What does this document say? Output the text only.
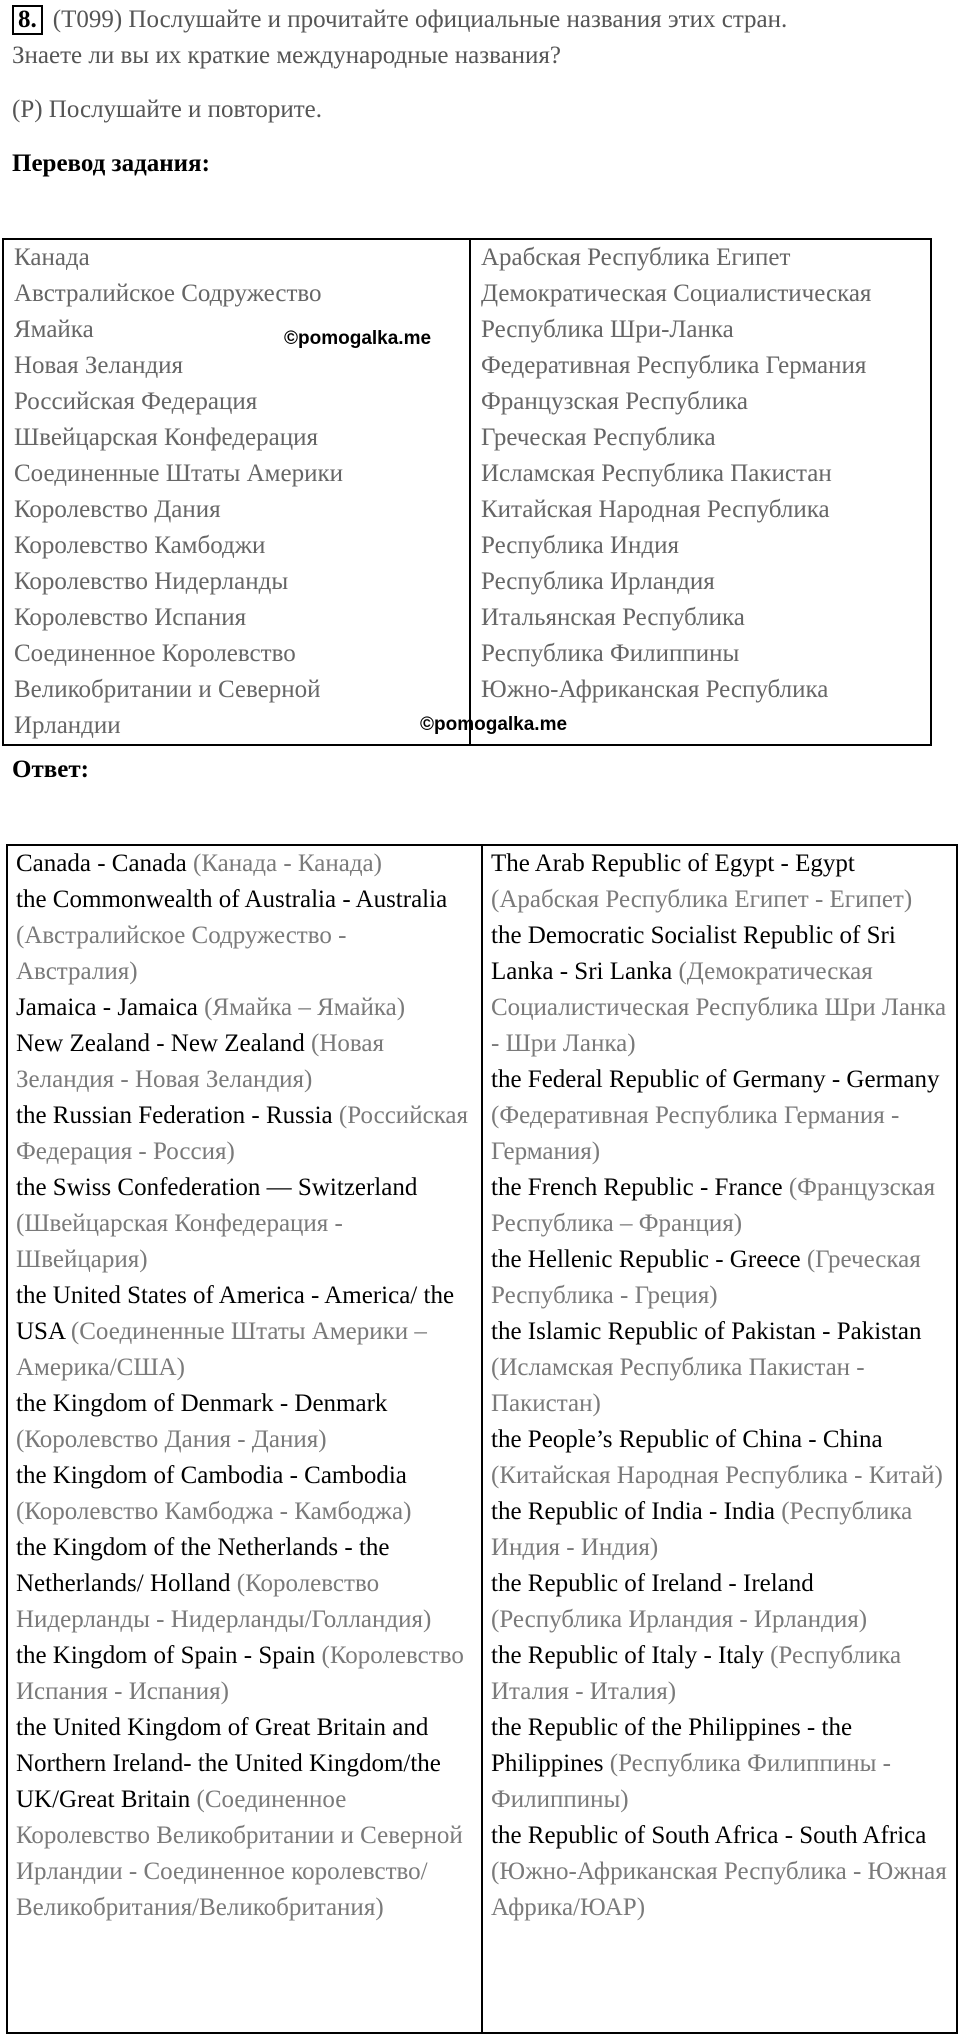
8. (T099) Послушайте и прочитайте официальные названия этих стран.
Знаете ли вы их краткие международные названия?
(P) Послушайте и повторите.
Перевод задания:
Канада
Австралийское Содружество
Ямайка
Новая Зеландия
Российская Федерация
Швейцарская Конфедерация
Соединенные Штаты Америки
Королевство Дания
Королевство Камбоджи
Королевство Нидерланды
Королевство Испания
Соединенное Королевство
Великобритании и Северной
Ирландии

Арабская Республика Египет
Демократическая Социалистическая
Республика Шри-Ланка
Федеративная Республика Германия
Французская Республика
Греческая Республика
Исламская Республика Пакистан
Китайская Народная Республика
Республика Индия
Республика Ирландия
Итальянская Республика
Республика Филиппины
Южно-Африканская Республика
©pomogalka.me
©pomogalka.me
Ответ:
Canada - Canada (Канада - Канада)
the Commonwealth of Australia - Australia (Австралийское Содружество - Австралия)
Jamaica - Jamaica (Ямайка – Ямайка)
New Zealand - New Zealand (Новая Зеландия - Новая Зеландия)
the Russian Federation - Russia (Российская Федерация - Россия)
the Swiss Confederation — Switzerland (Швейцарская Конфедерация - Швейцария)
the United States of America - America/ the USA (Соединенные Штаты Америки – Америка/США)
the Kingdom of Denmark - Denmark (Королевство Дания - Дания)
the Kingdom of Cambodia - Cambodia (Королевство Камбоджа - Камбоджа)
the Kingdom of the Netherlands - the Netherlands/ Holland (Королевство Нидерланды - Нидерланды/Голландия)
the Kingdom of Spain - Spain (Королевство Испания - Испания)
the United Kingdom of Great Britain and Northern Ireland- the United Kingdom/the UK/Great Britain (Соединенное Королевство Великобритании и Северной Ирландии - Соединенное королевство/Великобритания/Великобритания)

The Arab Republic of Egypt - Egypt (Арабская Республика Египет - Египет)
the Democratic Socialist Republic of Sri Lanka - Sri Lanka (Демократическая Социалистическая Республика Шри Ланка - Шри Ланка)
the Federal Republic of Germany - Germany (Федеративная Республика Германия - Германия)
the French Republic - France (Французская Республика – Франция)
the Hellenic Republic - Greece (Греческая Республика - Греция)
the Islamic Republic of Pakistan - Pakistan (Исламская Республика Пакистан - Пакистан)
the People’s Republic of China - China (Китайская Народная Республика - Китай)
the Republic of India - India (Республика Индия - Индия)
the Republic of Ireland - Ireland (Республика Ирландия - Ирландия)
the Republic of Italy - Italy (Республика Италия - Италия)
the Republic of the Philippines - the Philippines (Республика Филиппины - Филиппины)
the Republic of South Africa - South Africa (Южно-Африканская Республика - Южная Африка/ЮАР)
